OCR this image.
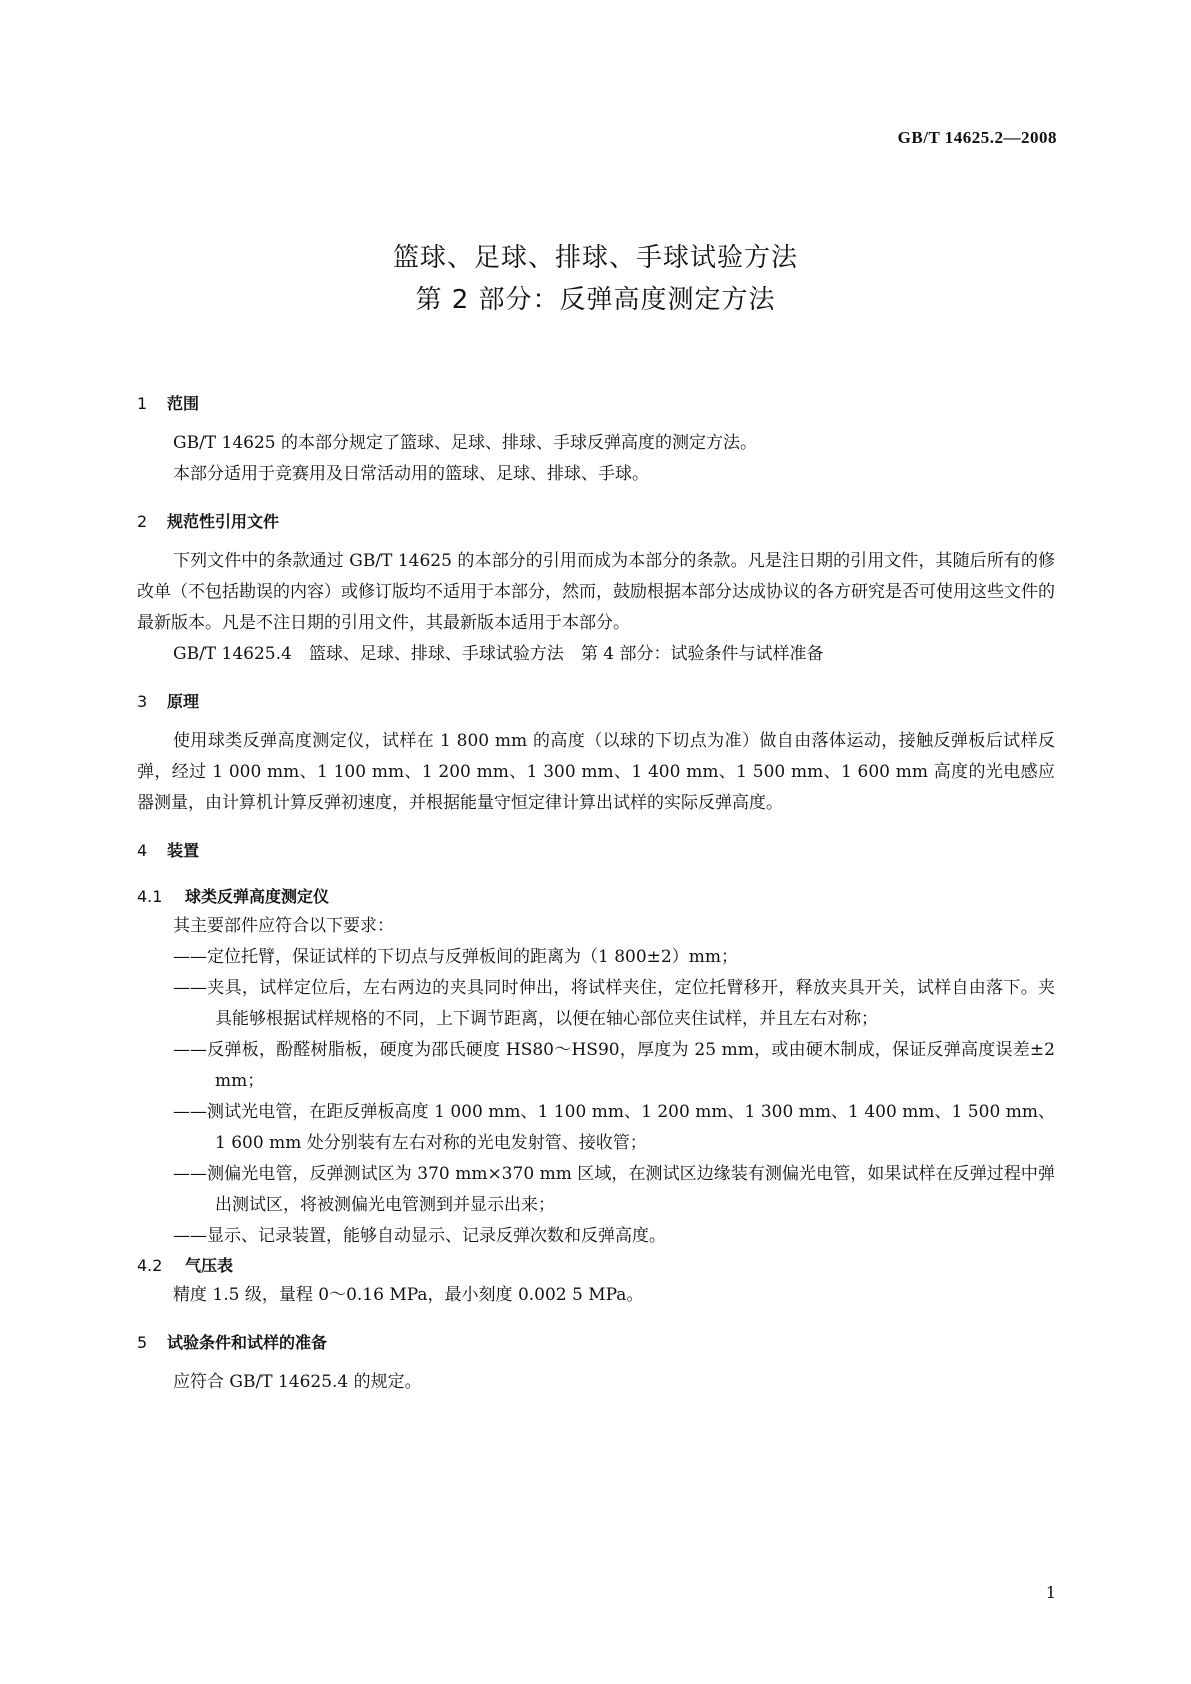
GB/T 14625.2—2008
篮球、足球、排球、手球试验方法
第 2 部分：反弹高度测定方法
1 范围

GB/T 14625 的本部分规定了篮球、足球、排球、手球反弹高度的测定方法。

本部分适用于竞赛用及日常活动用的篮球、足球、排球、手球。

2 规范性引用文件

下列文件中的条款通过 GB/T 14625 的本部分的引用而成为本部分的条款。凡是注日期的引用文件，其随后所有的修改单（不包括勘误的内容）或修订版均不适用于本部分，然而，鼓励根据本部分达成协议的各方研究是否可使用这些文件的最新版本。凡是不注日期的引用文件，其最新版本适用于本部分。

GB/T 14625.4　篮球、足球、排球、手球试验方法　第 4 部分：试验条件与试样准备

3 原理

使用球类反弹高度测定仪，试样在 1 800 mm 的高度（以球的下切点为准）做自由落体运动，接触反弹板后试样反弹，经过 1 000 mm、1 100 mm、1 200 mm、1 300 mm、1 400 mm、1 500 mm、1 600 mm 高度的光电感应器测量，由计算机计算反弹初速度，并根据能量守恒定律计算出试样的实际反弹高度。

4 装置
4.1 球类反弹高度测定仪

其主要部件应符合以下要求：

——定位托臂，保证试样的下切点与反弹板间的距离为（1 800±2）mm；

——夹具，试样定位后，左右两边的夹具同时伸出，将试样夹住，定位托臂移开，释放夹具开关，试样自由落下。夹具能够根据试样规格的不同，上下调节距离，以便在轴心部位夹住试样，并且左右对称；

——反弹板，酚醛树脂板，硬度为邵氏硬度 HS80～HS90，厚度为 25 mm，或由硬木制成，保证反弹高度误差±2 mm；

——测试光电管，在距反弹板高度 1 000 mm、1 100 mm、1 200 mm、1 300 mm、1 400 mm、1 500 mm、1 600 mm 处分别装有左右对称的光电发射管、接收管；

——测偏光电管，反弹测试区为 370 mm×370 mm 区域，在测试区边缘装有测偏光电管，如果试样在反弹过程中弹出测试区，将被测偏光电管测到并显示出来；

——显示、记录装置，能够自动显示、记录反弹次数和反弹高度。

4.2 气压表

精度 1.5 级，量程 0～0.16 MPa，最小刻度 0.002 5 MPa。

5 试验条件和试样的准备

应符合 GB/T 14625.4 的规定。

1
